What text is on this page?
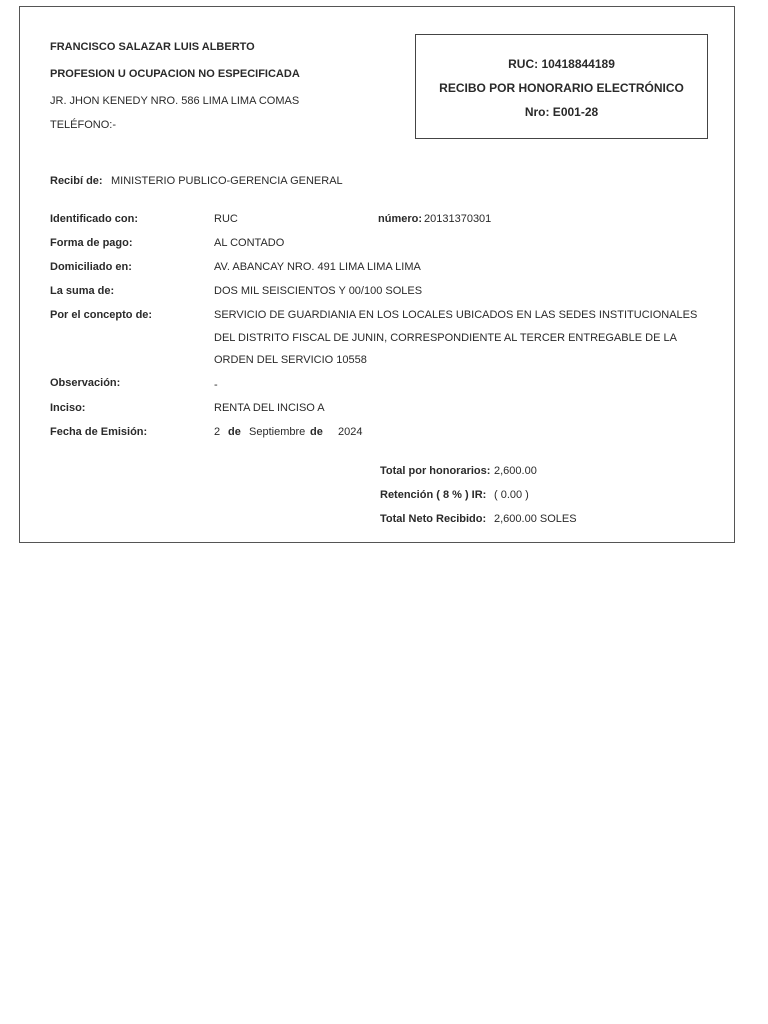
FRANCISCO SALAZAR LUIS ALBERTO
PROFESION U OCUPACION NO ESPECIFICADA
JR. JHON KENEDY NRO. 586 LIMA LIMA COMAS
TELÉFONO:-
RUC: 10418844189
RECIBO POR HONORARIO ELECTRÓNICO
Nro: E001-28
Recibí de: MINISTERIO PUBLICO-GERENCIA GENERAL
Identificado con:	RUC	número: 20131370301
Forma de pago:	AL CONTADO
Domiciliado en:	AV. ABANCAY NRO. 491 LIMA LIMA LIMA
La suma de:	DOS MIL SEISCIENTOS Y 00/100 SOLES
Por el concepto de:	SERVICIO DE GUARDIANIA EN LOS LOCALES UBICADOS EN LAS SEDES INSTITUCIONALES
DEL DISTRITO FISCAL DE JUNIN, CORRESPONDIENTE AL TERCER ENTREGABLE DE LA
ORDEN DEL SERVICIO 10558
Observación:	-
Inciso:	RENTA DEL INCISO A
Fecha de Emisión:	2 de Septiembre de 2024
Total por honorarios: 2,600.00
Retención ( 8 % ) IR: ( 0.00 )
Total Neto Recibido: 2,600.00 SOLES
